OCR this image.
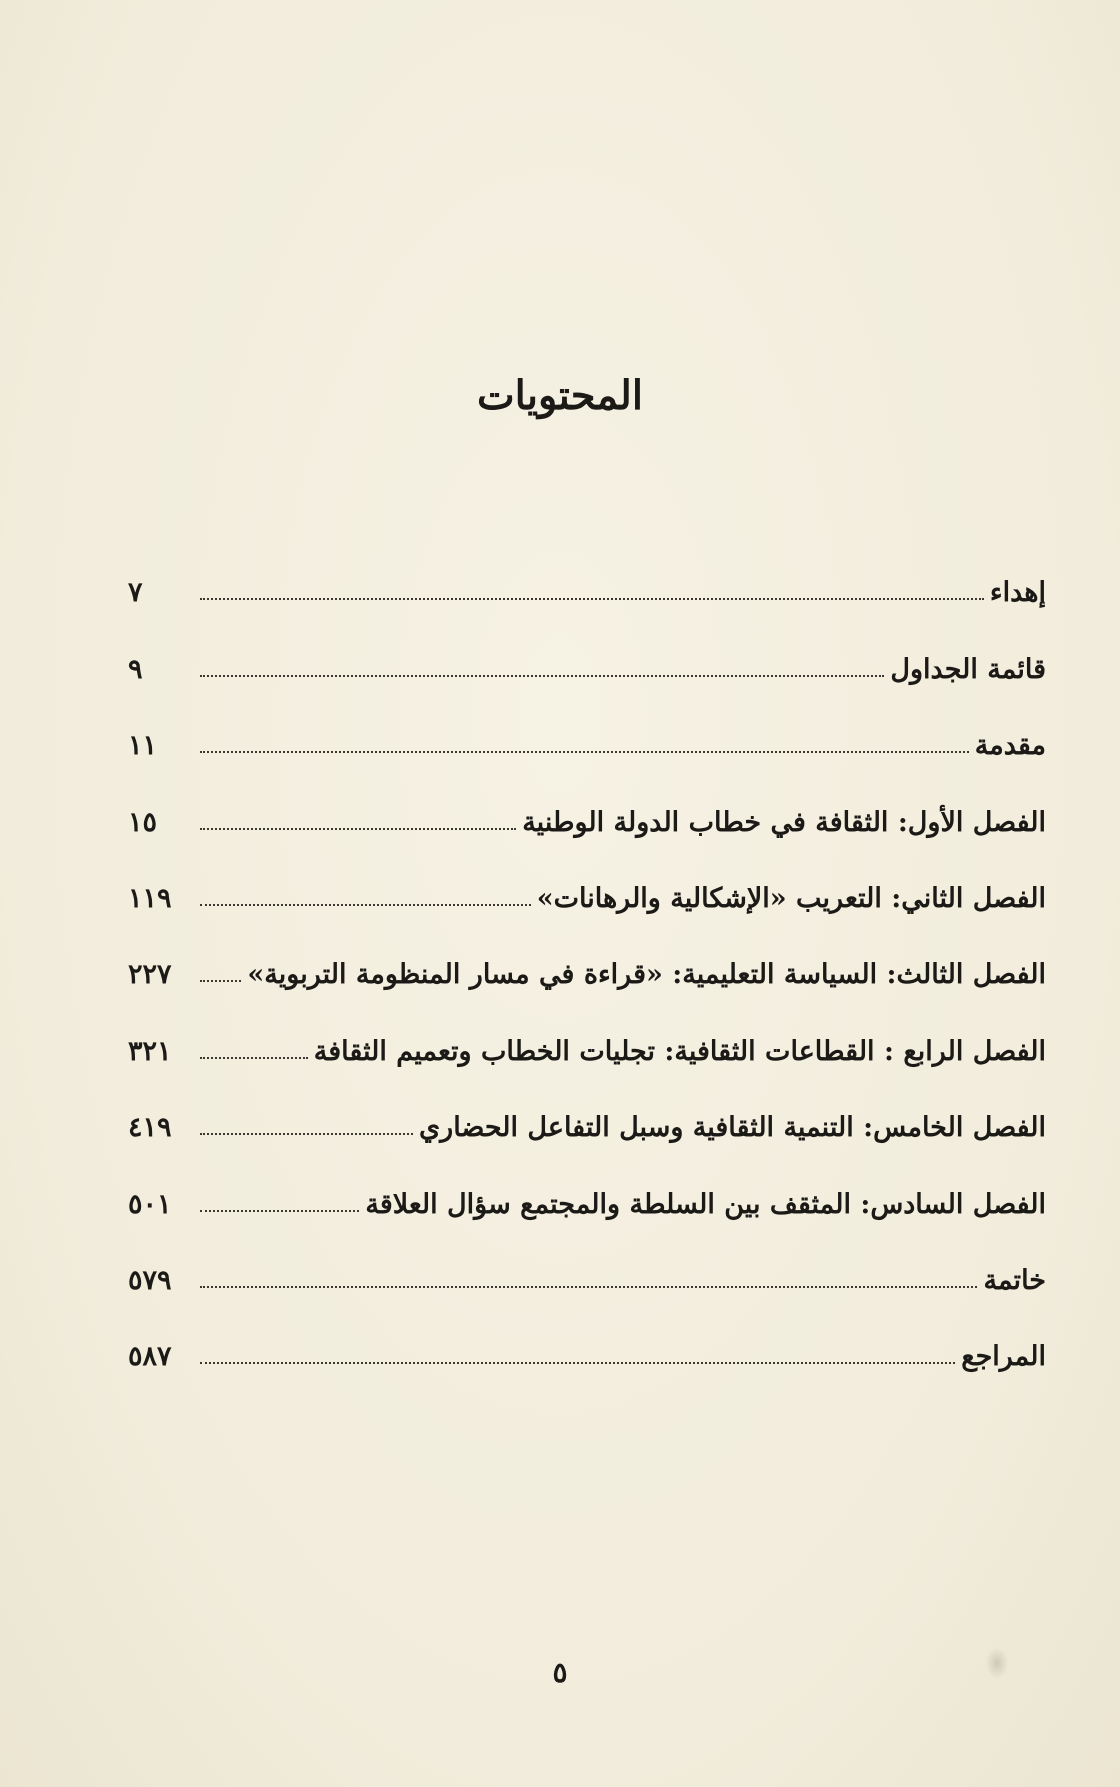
المحتويات
إهداء
٧
قائمة الجداول
٩
مقدمة
١١
الفصل الأول: الثقافة في خطاب الدولة الوطنية
١٥
الفصل الثاني: التعريب «الإشكالية والرهانات»
١١٩
الفصل الثالث: السياسة التعليمية: «قراءة في مسار المنظومة التربوية»
٢٢٧
الفصل الرابع : القطاعات الثقافية: تجليات الخطاب وتعميم الثقافة
٣٢١
الفصل الخامس: التنمية الثقافية وسبل التفاعل الحضاري
٤١٩
الفصل السادس: المثقف بين السلطة والمجتمع سؤال العلاقة
٥٠١
خاتمة
٥٧٩
المراجع
٥٨٧
٥
